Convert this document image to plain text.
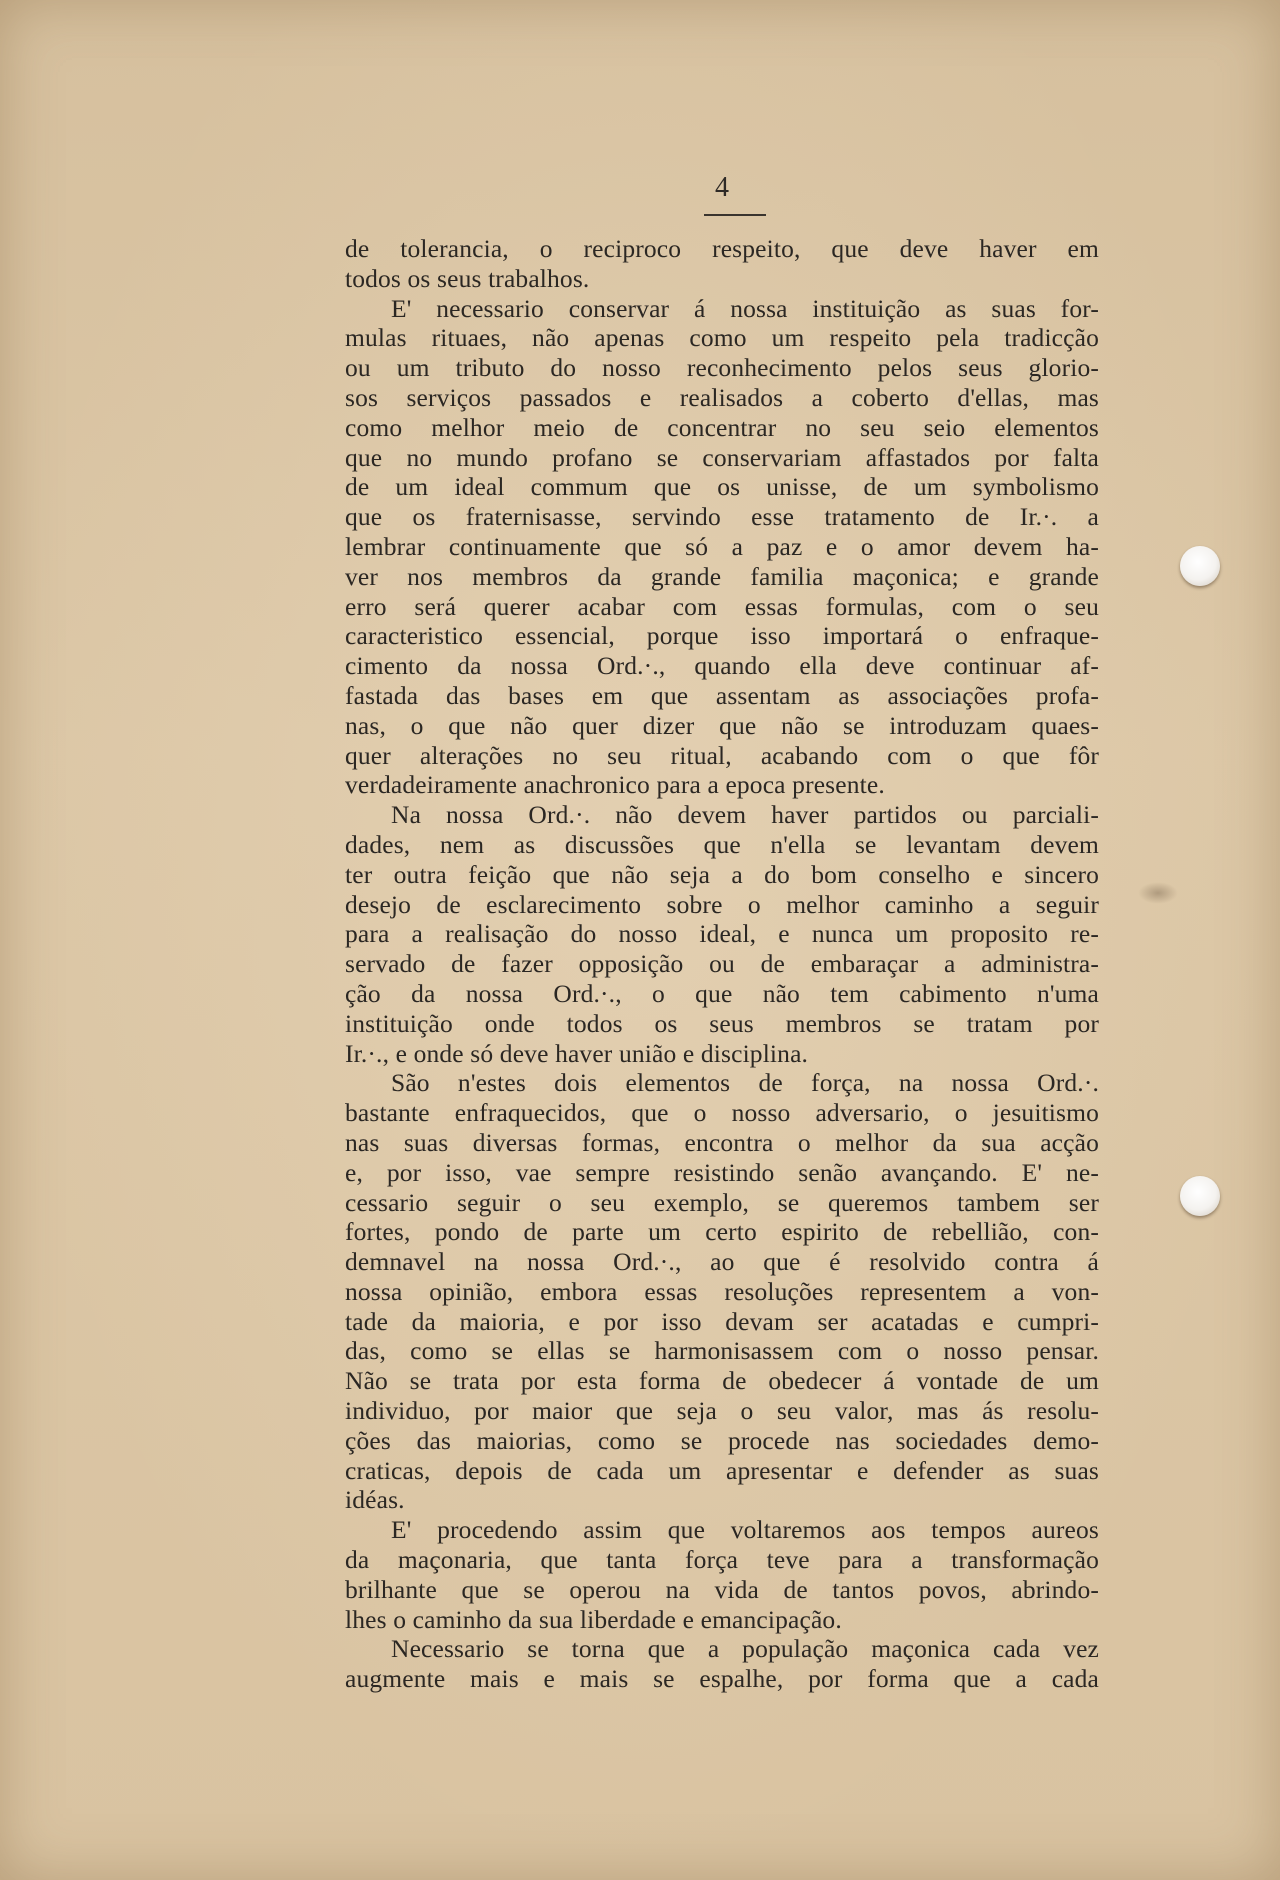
4
de tolerancia, o reciproco respeito, que deve haver em
todos os seus trabalhos.
E' necessario conservar á nossa instituição as suas for-
mulas rituaes, não apenas como um respeito pela tradicção
ou um tributo do nosso reconhecimento pelos seus glorio-
sos serviços passados e realisados a coberto d'ellas, mas
como melhor meio de concentrar no seu seio elementos
que no mundo profano se conservariam affastados por falta
de um ideal commum que os unisse, de um symbolismo
que os fraternisasse, servindo esse tratamento de Ir.·. a
lembrar continuamente que só a paz e o amor devem ha-
ver nos membros da grande familia maçonica; e grande
erro será querer acabar com essas formulas, com o seu
caracteristico essencial, porque isso importará o enfraque-
cimento da nossa Ord.·., quando ella deve continuar af-
fastada das bases em que assentam as associações profa-
nas, o que não quer dizer que não se introduzam quaes-
quer alterações no seu ritual, acabando com o que fôr
verdadeiramente anachronico para a epoca presente.
Na nossa Ord.·. não devem haver partidos ou parciali-
dades, nem as discussões que n'ella se levantam devem
ter outra feição que não seja a do bom conselho e sincero
desejo de esclarecimento sobre o melhor caminho a seguir
para a realisação do nosso ideal, e nunca um proposito re-
servado de fazer opposição ou de embaraçar a administra-
ção da nossa Ord.·., o que não tem cabimento n'uma
instituição onde todos os seus membros se tratam por
Ir.·., e onde só deve haver união e disciplina.
São n'estes dois elementos de força, na nossa Ord.·.
bastante enfraquecidos, que o nosso adversario, o jesuitismo
nas suas diversas formas, encontra o melhor da sua acção
e, por isso, vae sempre resistindo senão avançando. E' ne-
cessario seguir o seu exemplo, se queremos tambem ser
fortes, pondo de parte um certo espirito de rebellião, con-
demnavel na nossa Ord.·., ao que é resolvido contra á
nossa opinião, embora essas resoluções representem a von-
tade da maioria, e por isso devam ser acatadas e cumpri-
das, como se ellas se harmonisassem com o nosso pensar.
Não se trata por esta forma de obedecer á vontade de um
individuo, por maior que seja o seu valor, mas ás resolu-
ções das maiorias, como se procede nas sociedades demo-
craticas, depois de cada um apresentar e defender as suas
idéas.
E' procedendo assim que voltaremos aos tempos aureos
da maçonaria, que tanta força teve para a transformação
brilhante que se operou na vida de tantos povos, abrindo-
lhes o caminho da sua liberdade e emancipação.
Necessario se torna que a população maçonica cada vez
augmente mais e mais se espalhe, por forma que a cada
